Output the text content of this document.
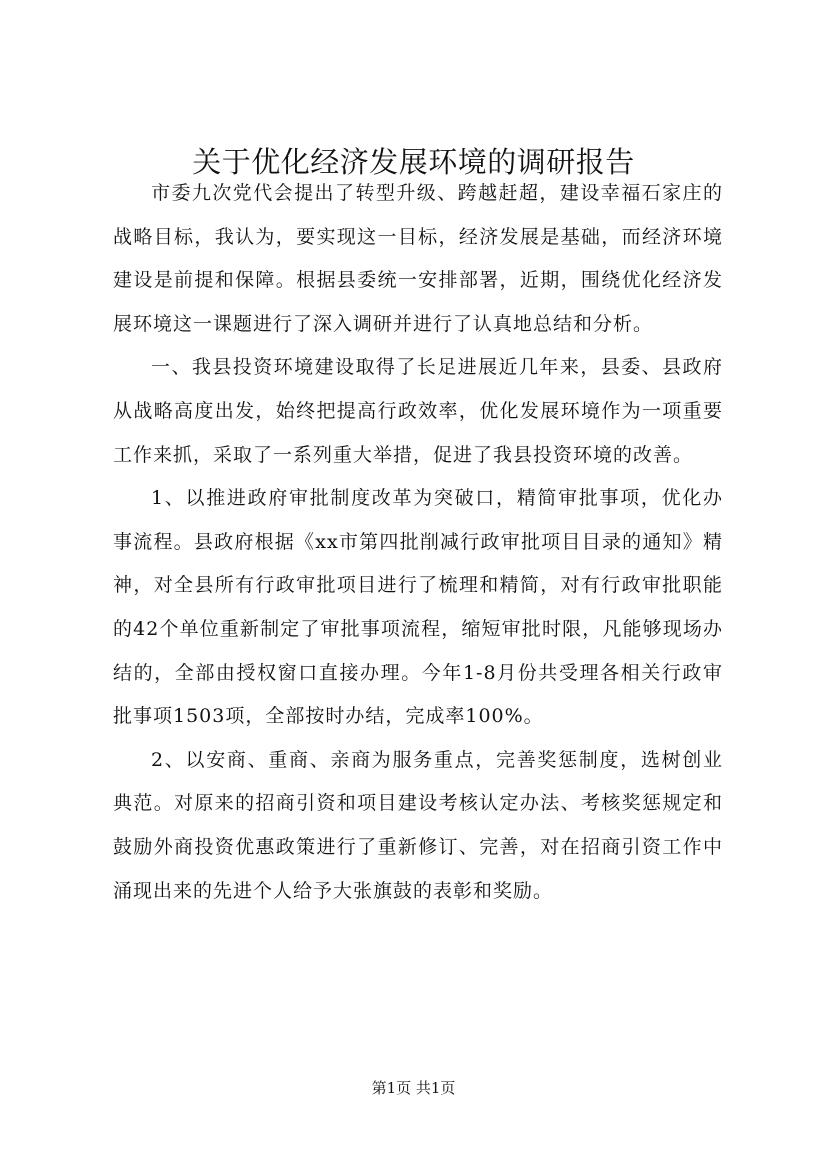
关于优化经济发展环境的调研报告

市委九次党代会提出了转型升级、跨越赶超，建设幸福石家庄的战略目标，我认为，要实现这一目标，经济发展是基础，而经济环境建设是前提和保障。根据县委统一安排部署，近期，围绕优化经济发展环境这一课题进行了深入调研并进行了认真地总结和分析。

一、我县投资环境建设取得了长足进展近几年来，县委、县政府从战略高度出发，始终把提高行政效率，优化发展环境作为一项重要工作来抓，采取了一系列重大举措，促进了我县投资环境的改善。

1、以推进政府审批制度改革为突破口，精简审批事项，优化办事流程。县政府根据《xx市第四批削减行政审批项目目录的通知》精神，对全县所有行政审批项目进行了梳理和精简，对有行政审批职能的42个单位重新制定了审批事项流程，缩短审批时限，凡能够现场办结的，全部由授权窗口直接办理。今年1-8月份共受理各相关行政审批事项1503项，全部按时办结，完成率100%。

2、以安商、重商、亲商为服务重点，完善奖惩制度，选树创业典范。对原来的招商引资和项目建设考核认定办法、考核奖惩规定和鼓励外商投资优惠政策进行了重新修订、完善，对在招商引资工作中涌现出来的先进个人给予大张旗鼓的表彰和奖励。

第1页 共1页
